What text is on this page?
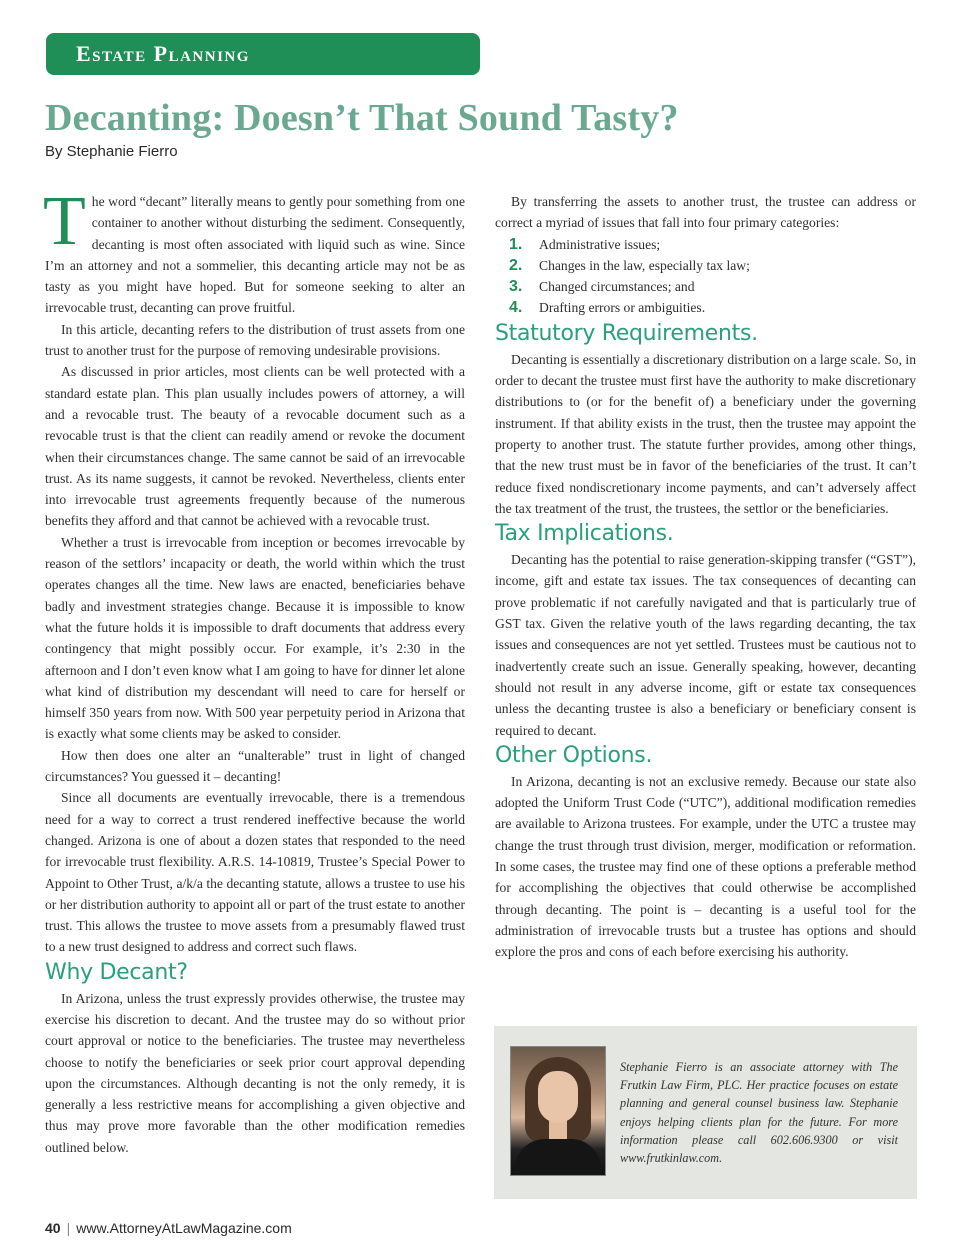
Estate Planning
Decanting: Doesn’t That Sound Tasty?
By Stephanie Fierro

The word “decant” literally means to gently pour something from one container to another without disturbing the sediment. Consequently, decanting is most often associated with liquid such as wine. Since I’m an attorney and not a sommelier, this decanting article may not be as tasty as you might have hoped. But for someone seeking to alter an irrevocable trust, decanting can prove fruitful.

In this article, decanting refers to the distribution of trust assets from one trust to another trust for the purpose of removing undesirable provisions.

As discussed in prior articles, most clients can be well protected with a standard estate plan. This plan usually includes powers of attorney, a will and a revocable trust. The beauty of a revocable document such as a revocable trust is that the client can readily amend or revoke the document when their circumstances change. The same cannot be said of an irrevocable trust. As its name suggests, it cannot be revoked. Nevertheless, clients enter into irrevocable trust agreements frequently because of the numerous benefits they afford and that cannot be achieved with a revocable trust.

Whether a trust is irrevocable from inception or becomes irrevocable by reason of the settlors’ incapacity or death, the world within which the trust operates changes all the time. New laws are enacted, beneficiaries behave badly and investment strategies change. Because it is impossible to know what the future holds it is impossible to draft documents that address every contingency that might possibly occur. For example, it’s 2:30 in the afternoon and I don’t even know what I am going to have for dinner let alone what kind of distribution my descendant will need to care for herself or himself 350 years from now. With 500 year perpetuity period in Arizona that is exactly what some clients may be asked to consider.

How then does one alter an “unalterable” trust in light of changed circumstances? You guessed it – decanting!

Since all documents are eventually irrevocable, there is a tremendous need for a way to correct a trust rendered ineffective because the world changed. Arizona is one of about a dozen states that responded to the need for irrevocable trust flexibility. A.R.S. 14-10819, Trustee’s Special Power to Appoint to Other Trust, a/k/a the decanting statute, allows a trustee to use his or her distribution authority to appoint all or part of the trust estate to another trust. This allows the trustee to move assets from a presumably flawed trust to a new trust designed to address and correct such flaws.

Why Decant?

In Arizona, unless the trust expressly provides otherwise, the trustee may exercise his discretion to decant. And the trustee may do so without prior court approval or notice to the beneficiaries. The trustee may nevertheless choose to notify the beneficiaries or seek prior court approval depending upon the circumstances. Although decanting is not the only remedy, it is generally a less restrictive means for accomplishing a given objective and thus may prove more favorable than the other modification remedies outlined below.

By transferring the assets to another trust, the trustee can address or correct a myriad of issues that fall into four primary categories:

1.	Administrative issues;
2.	Changes in the law, especially tax law;
3.	Changed circumstances; and
4.	Drafting errors or ambiguities.
Statutory Requirements.

Decanting is essentially a discretionary distribution on a large scale. So, in order to decant the trustee must first have the authority to make discretionary distributions to (or for the benefit of) a beneficiary under the governing instrument. If that ability exists in the trust, then the trustee may appoint the property to another trust. The statute further provides, among other things, that the new trust must be in favor of the beneficiaries of the trust. It can’t reduce fixed nondiscretionary income payments, and can’t adversely affect the tax treatment of the trust, the trustees, the settlor or the beneficiaries.

Tax Implications.

Decanting has the potential to raise generation-skipping transfer (“GST”), income, gift and estate tax issues. The tax consequences of decanting can prove problematic if not carefully navigated and that is particularly true of GST tax. Given the relative youth of the laws regarding decanting, the tax issues and consequences are not yet settled. Trustees must be cautious not to inadvertently create such an issue. Generally speaking, however, decanting should not result in any adverse income, gift or estate tax consequences unless the decanting trustee is also a beneficiary or beneficiary consent is required to decant.

Other Options.

In Arizona, decanting is not an exclusive remedy. Because our state also adopted the Uniform Trust Code (“UTC”), additional modification remedies are available to Arizona trustees. For example, under the UTC a trustee may change the trust through trust division, merger, modification or reformation. In some cases, the trustee may find one of these options a preferable method for accomplishing the objectives that could otherwise be accomplished through decanting. The point is – decanting is a useful tool for the administration of irrevocable trusts but a trustee has options and should explore the pros and cons of each before exercising his authority.

Stephanie Fierro is an associate attorney with The Frutkin Law Firm, PLC. Her practice focuses on estate planning and general counsel business law. Stephanie enjoys helping clients plan for the future. For more information please call 602.606.9300 or visit www.frutkinlaw.com.

40 | www.AttorneyAtLawMagazine.com
